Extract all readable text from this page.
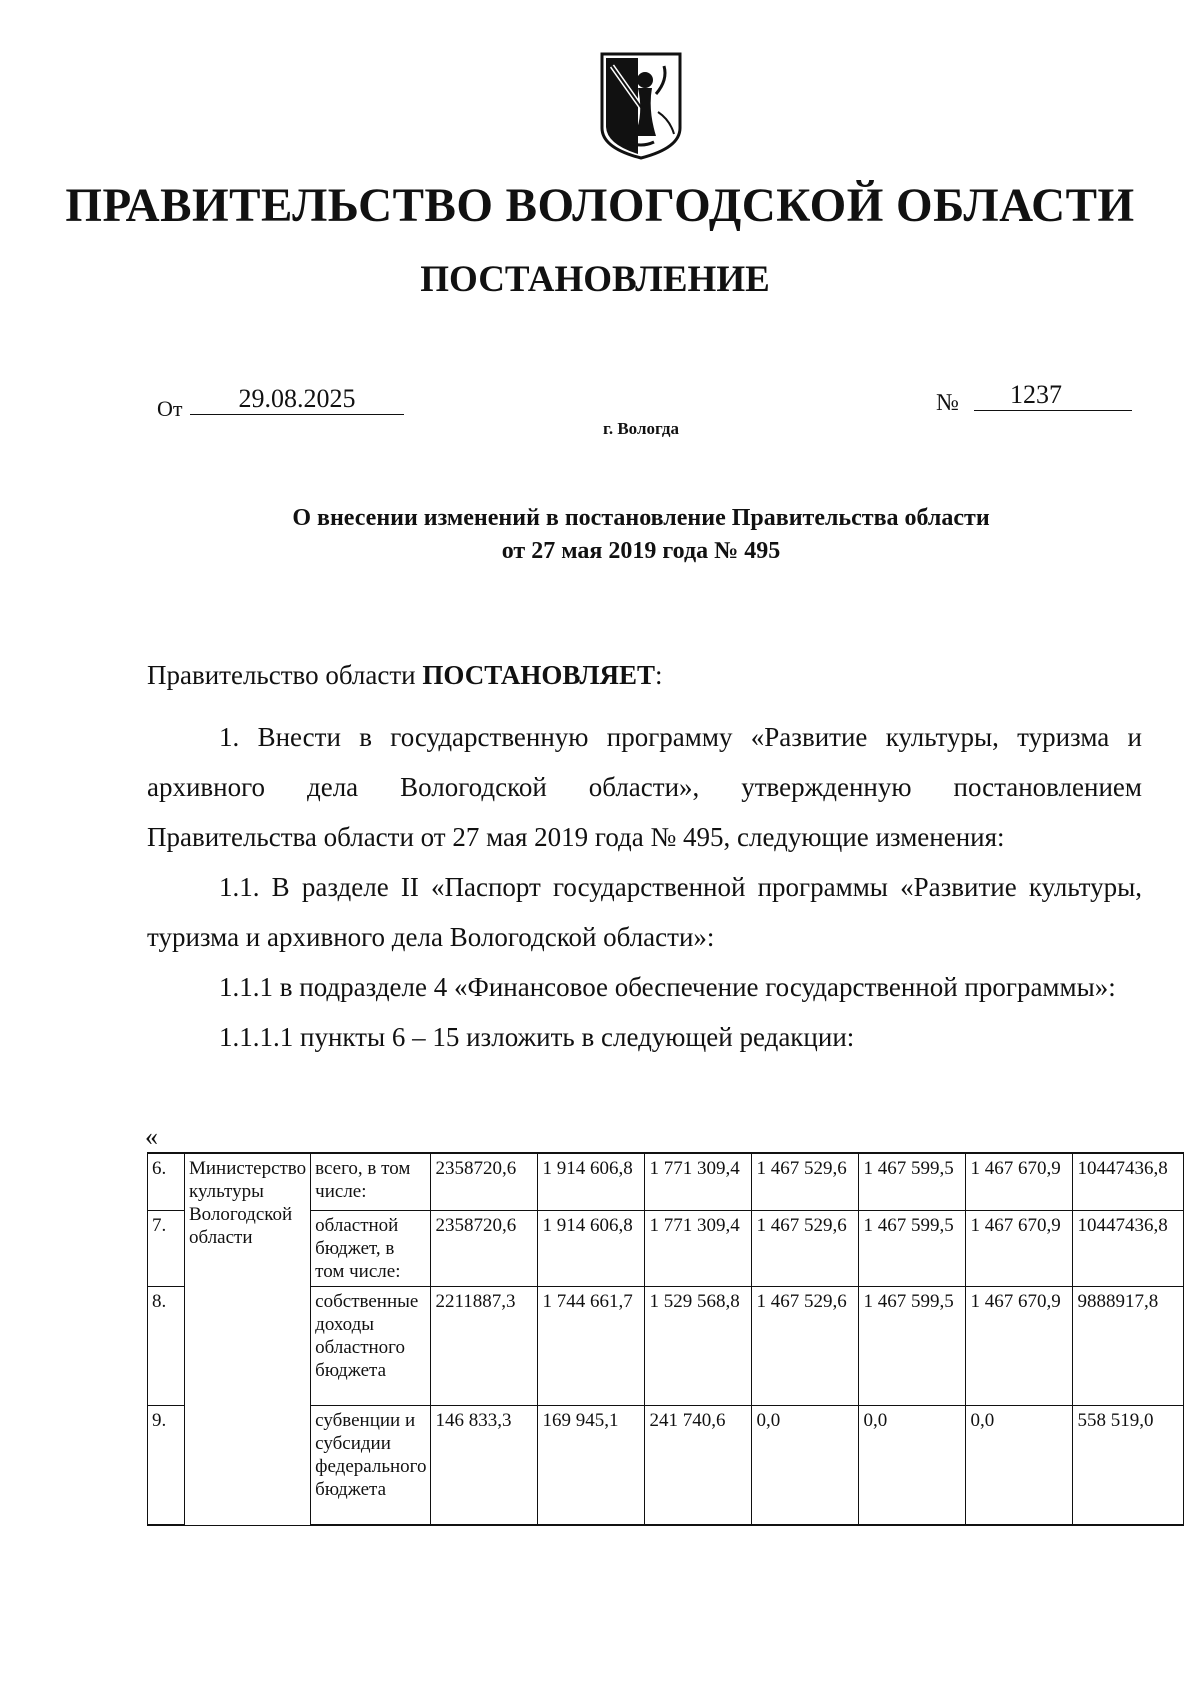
ПРАВИТЕЛЬСТВО ВОЛОГОДСКОЙ ОБЛАСТИ
ПОСТАНОВЛЕНИЕ
От	29.08.2025	№	1237
г. Вологда
О внесении изменений в постановление Правительства области
от 27 мая 2019 года № 495
Правительство области ПОСТАНОВЛЯЕТ:
1. Внести в государственную программу «Развитие культуры, туризма и архивного дела Вологодской области», утвержденную постановлением Правительства области от 27 мая 2019 года № 495, следующие изменения:
1.1. В разделе II «Паспорт государственной программы «Развитие культуры, туризма и архивного дела Вологодской области»:
1.1.1 в подразделе 4 «Финансовое обеспечение государственной программы»:
1.1.1.1 пункты 6 – 15 изложить в следующей редакции:
«
6.	Министерство культуры Вологодской области	всего, в том числе:	2358720,6	1 914 606,8	1 771 309,4	1 467 529,6	1 467 599,5	1 467 670,9	10447436,8
7.		областной бюджет, в том числе:	2358720,6	1 914 606,8	1 771 309,4	1 467 529,6	1 467 599,5	1 467 670,9	10447436,8
8.		собственные доходы областного бюджета	2211887,3	1 744 661,7	1 529 568,8	1 467 529,6	1 467 599,5	1 467 670,9	9888917,8
9.		субвенции и субсидии федерального бюджета	146 833,3	169 945,1	241 740,6	0,0	0,0	0,0	558 519,0
